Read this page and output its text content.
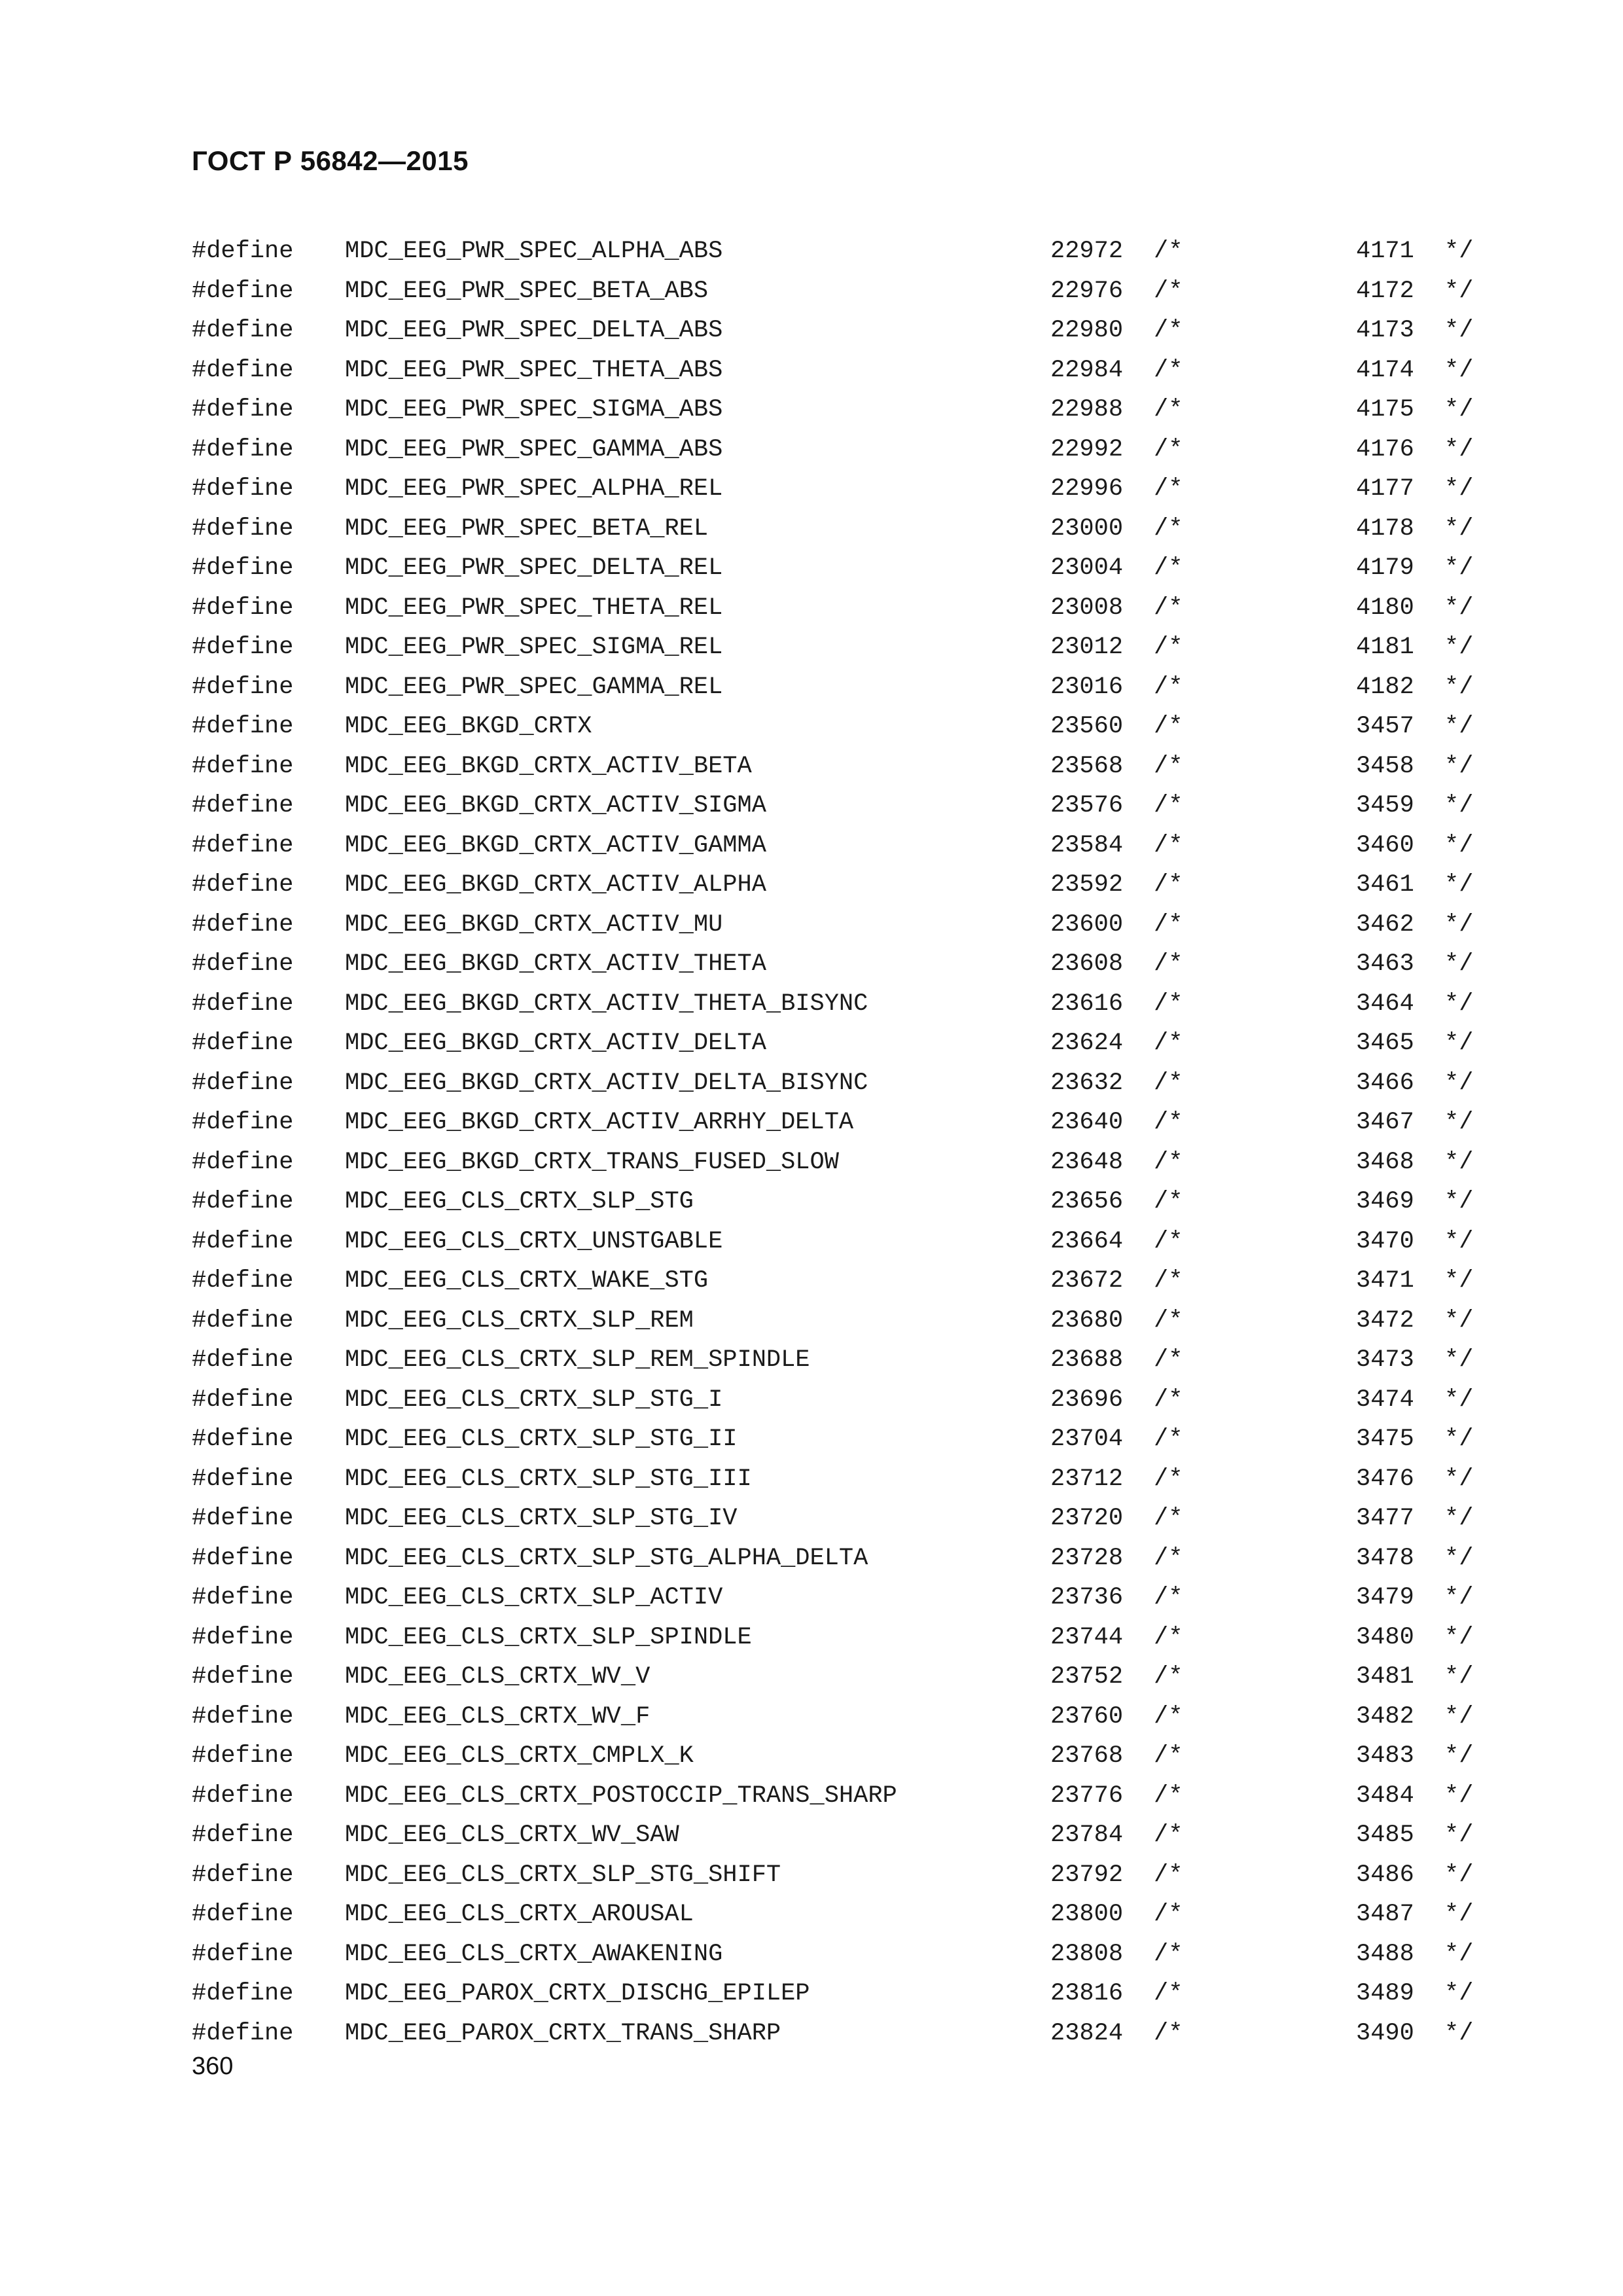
ГОСТ Р 56842—2015
#define MDC_EEG_PWR_SPEC_ALPHA_ABS	22972 /*	4171 */
#define MDC_EEG_PWR_SPEC_BETA_ABS	22976 /*	4172 */
#define MDC_EEG_PWR_SPEC_DELTA_ABS	22980 /*	4173 */
#define MDC_EEG_PWR_SPEC_THETA_ABS	22984 /*	4174 */
#define MDC_EEG_PWR_SPEC_SIGMA_ABS	22988 /*	4175 */
#define MDC_EEG_PWR_SPEC_GAMMA_ABS	22992 /*	4176 */
#define MDC_EEG_PWR_SPEC_ALPHA_REL	22996 /*	4177 */
#define MDC_EEG_PWR_SPEC_BETA_REL	23000 /*	4178 */
#define MDC_EEG_PWR_SPEC_DELTA_REL	23004 /*	4179 */
#define MDC_EEG_PWR_SPEC_THETA_REL	23008 /*	4180 */
#define MDC_EEG_PWR_SPEC_SIGMA_REL	23012 /*	4181 */
#define MDC_EEG_PWR_SPEC_GAMMA_REL	23016 /*	4182 */
#define MDC_EEG_BKGD_CRTX	23560 /*	3457 */
#define MDC_EEG_BKGD_CRTX_ACTIV_BETA	23568 /*	3458 */
#define MDC_EEG_BKGD_CRTX_ACTIV_SIGMA	23576 /*	3459 */
#define MDC_EEG_BKGD_CRTX_ACTIV_GAMMA	23584 /*	3460 */
#define MDC_EEG_BKGD_CRTX_ACTIV_ALPHA	23592 /*	3461 */
#define MDC_EEG_BKGD_CRTX_ACTIV_MU	23600 /*	3462 */
#define MDC_EEG_BKGD_CRTX_ACTIV_THETA	23608 /*	3463 */
#define MDC_EEG_BKGD_CRTX_ACTIV_THETA_BISYNC	23616 /*	3464 */
#define MDC_EEG_BKGD_CRTX_ACTIV_DELTA	23624 /*	3465 */
#define MDC_EEG_BKGD_CRTX_ACTIV_DELTA_BISYNC	23632 /*	3466 */
#define MDC_EEG_BKGD_CRTX_ACTIV_ARRHY_DELTA	23640 /*	3467 */
#define MDC_EEG_BKGD_CRTX_TRANS_FUSED_SLOW	23648 /*	3468 */
#define MDC_EEG_CLS_CRTX_SLP_STG	23656 /*	3469 */
#define MDC_EEG_CLS_CRTX_UNSTGABLE	23664 /*	3470 */
#define MDC_EEG_CLS_CRTX_WAKE_STG	23672 /*	3471 */
#define MDC_EEG_CLS_CRTX_SLP_REM	23680 /*	3472 */
#define MDC_EEG_CLS_CRTX_SLP_REM_SPINDLE	23688 /*	3473 */
#define MDC_EEG_CLS_CRTX_SLP_STG_I	23696 /*	3474 */
#define MDC_EEG_CLS_CRTX_SLP_STG_II	23704 /*	3475 */
#define MDC_EEG_CLS_CRTX_SLP_STG_III	23712 /*	3476 */
#define MDC_EEG_CLS_CRTX_SLP_STG_IV	23720 /*	3477 */
#define MDC_EEG_CLS_CRTX_SLP_STG_ALPHA_DELTA	23728 /*	3478 */
#define MDC_EEG_CLS_CRTX_SLP_ACTIV	23736 /*	3479 */
#define MDC_EEG_CLS_CRTX_SLP_SPINDLE	23744 /*	3480 */
#define MDC_EEG_CLS_CRTX_WV_V	23752 /*	3481 */
#define MDC_EEG_CLS_CRTX_WV_F	23760 /*	3482 */
#define MDC_EEG_CLS_CRTX_CMPLX_K	23768 /*	3483 */
#define MDC_EEG_CLS_CRTX_POSTOCCIP_TRANS_SHARP	23776 /*	3484 */
#define MDC_EEG_CLS_CRTX_WV_SAW	23784 /*	3485 */
#define MDC_EEG_CLS_CRTX_SLP_STG_SHIFT	23792 /*	3486 */
#define MDC_EEG_CLS_CRTX_AROUSAL	23800 /*	3487 */
#define MDC_EEG_CLS_CRTX_AWAKENING	23808 /*	3488 */
#define MDC_EEG_PAROX_CRTX_DISCHG_EPILEP	23816 /*	3489 */
#define MDC_EEG_PAROX_CRTX_TRANS_SHARP	23824 /*	3490 */

360
